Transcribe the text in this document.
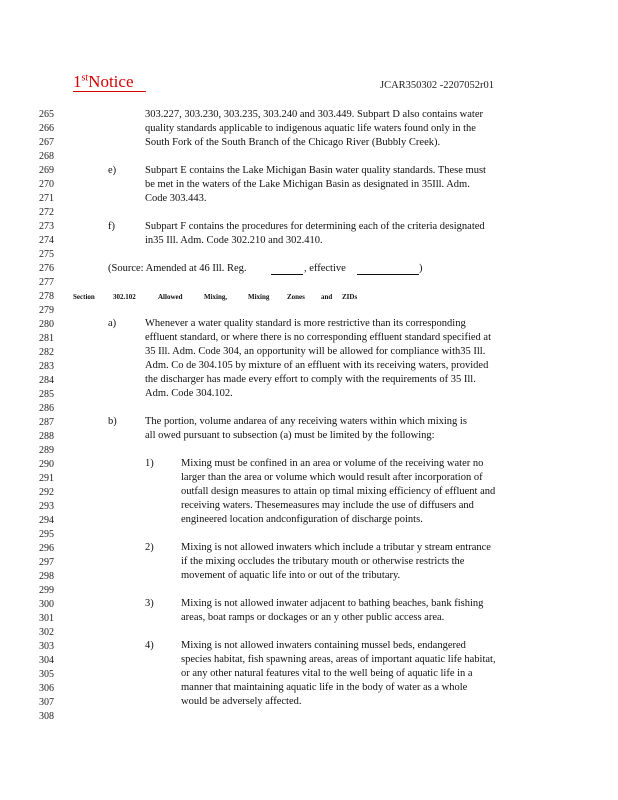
1stNotice	JCAR350302 -2207052r01
265
266
267
268
269
270
271
272
273
274
275
276
277
278
279
280
281
282
283
284
285
286
287
288
289
290
291
292
293
294
295
296
297
298
299
300
301
302
303
304
305
306
307
308
303.227, 303.230, 303.235, 303.240 and 303.449. Subpart D also contains water
quality standards applicable to indigenous aquatic life waters found only in the
South Fork of the South Branch of the Chicago River (Bubbly Creek).
e)	Subpart E contains the Lake Michigan Basin water quality standards. These must
be met in the waters of the Lake Michigan Basin as designated in 35Ill. Adm.
Code 303.443.
f)	Subpart F contains the procedures for determining each of the criteria designated
in35 Ill. Adm. Code 302.210 and 302.410.
(Source: Amended at 46 Ill. Reg.	, effective	)
Section	302.102	Allowed	Mixing,	Mixing	Zones and ZIDs
a)	Whenever a water quality standard is more restrictive than its corresponding
effluent standard, or where there is no corresponding effluent standard specified at
35 Ill. Adm. Code 304, an opportunity will be allowed for compliance with35 Ill.
Adm. Co de 304.105 by mixture of an effluent with its receiving waters, provided
the discharger has made every effort to comply with the requirements of 35 Ill.
Adm. Code 304.102.
b)	The portion, volume andarea of any receiving waters within which mixing is
all owed pursuant to subsection (a) must be limited by the following:
1)	Mixing must be confined in an area or volume of the receiving water no
larger than the area or volume which would result after incorporation of
outfall design measures to attain op timal mixing efficiency of effluent and
receiving waters. Thesemeasures may include the use of diffusers and
engineered location andconfiguration of discharge points.
2)	Mixing is not allowed inwaters which include a tributar y stream entrance
if the mixing occludes the tributary mouth or otherwise restricts the
movement of aquatic life into or out of the tributary.
3)	Mixing is not allowed inwater adjacent to bathing beaches, bank fishing
areas, boat ramps or dockages or an y other public access area.
4)	Mixing is not allowed inwaters containing mussel beds, endangered
species habitat, fish spawning areas, areas of important aquatic life habitat,
or any other natural features vital to the well being of aquatic life in a
manner that maintaining aquatic life in the body of water as a whole
would be adversely affected.
